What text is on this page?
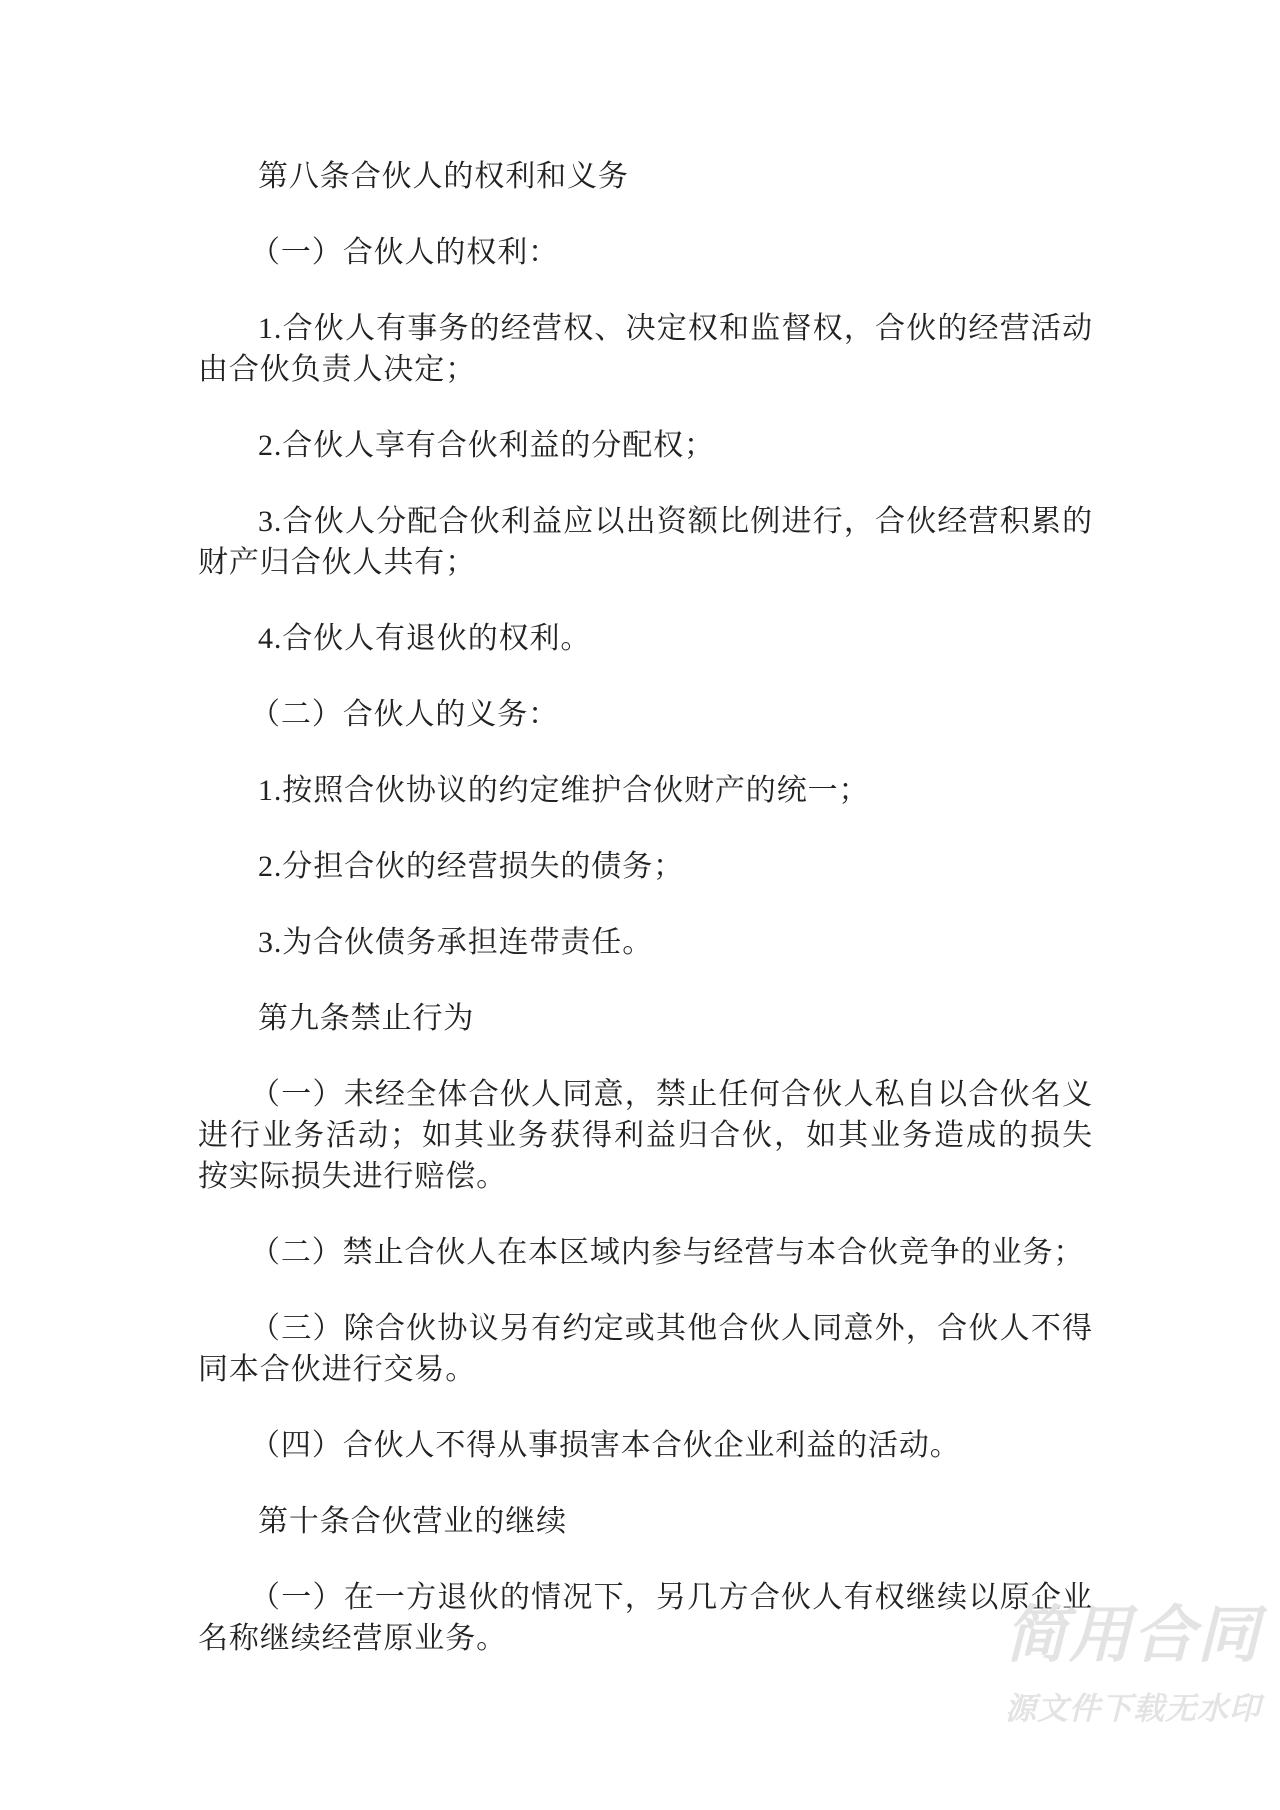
第八条合伙人的权利和义务

（一）合伙人的权利：

1.合伙人有事务的经营权、决定权和监督权，合伙的经营活动由合伙负责人决定；

2.合伙人享有合伙利益的分配权；

3.合伙人分配合伙利益应以出资额比例进行，合伙经营积累的财产归合伙人共有；

4.合伙人有退伙的权利。

（二）合伙人的义务：

1.按照合伙协议的约定维护合伙财产的统一；

2.分担合伙的经营损失的债务；

3.为合伙债务承担连带责任。

第九条禁止行为

（一）未经全体合伙人同意，禁止任何合伙人私自以合伙名义进行业务活动；如其业务获得利益归合伙，如其业务造成的损失按实际损失进行赔偿。

（二）禁止合伙人在本区域内参与经营与本合伙竞争的业务；

（三）除合伙协议另有约定或其他合伙人同意外，合伙人不得同本合伙进行交易。

（四）合伙人不得从事损害本合伙企业利益的活动。

第十条合伙营业的继续

（一）在一方退伙的情况下，另几方合伙人有权继续以原企业名称继续经营原业务。	简用合同
源文件下载无水印
